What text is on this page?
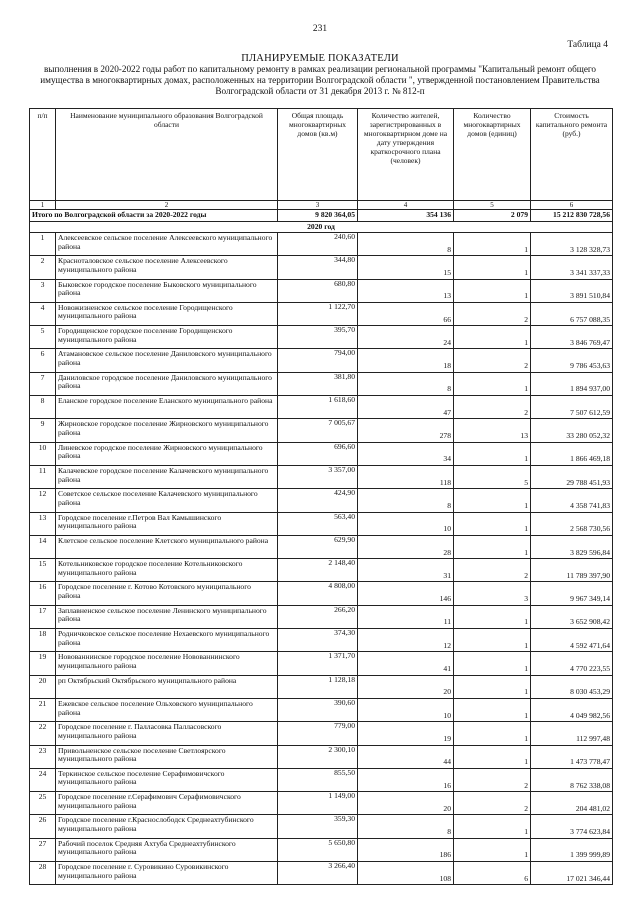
231
Таблица 4
ПЛАНИРУЕМЫЕ ПОКАЗАТЕЛИ
выполнения в 2020-2022 годы работ по капитальному ремонту в рамках реализации региональной программы "Капитальный ремонт общего имущества в многоквартирных домах, расположенных на территории Волгоградской области ", утвержденной постановлением Правительства Волгоградской области от 31 декабря 2013 г. № 812-п
п/п	Наименование муниципального образования Волгоградской области	Общая площадь многоквартирных домов (кв.м)	Количество жителей, зарегистрированных в многоквартирном доме на дату утверждения краткосрочного плана (человек)	Количество многоквартирных домов (единиц)	Стоимость капитального ремонта (руб.)
1	2	3	4	5	6
Итого по Волгоградской области за 2020-2022 годы		9 820 364,05	354 136	2 079	15 212 830 728,56
2020 год					
1	Алексеевское сельское поселение Алексеевского муниципального района	240,60	8	1	3 128 328,73
2	Красноталовское сельское поселение Алексеевского муниципального района	344,80	15	1	3 341 337,33
3	Быковское городское поселение Быковского муниципального района	680,80	13	1	3 891 510,84
4	Новожизненское сельское поселение Городищенского муниципального района	1 122,70	66	2	6 757 088,35
5	Городищенское городское поселение Городищенского муниципального района	395,70	24	1	3 846 769,47
6	Атамановское сельское поселение Даниловского муниципального района	794,00	18	2	9 786 453,63
7	Даниловское городское поселение Даниловского муниципального района	381,80	8	1	1 894 937,00
8	Еланское городское поселение Еланского муниципального района	1 618,60	47	2	7 507 612,59
9	Жирновское городское поселение Жирновского муниципального района	7 005,67	278	13	33 280 052,32
10	Линевское городское поселение Жирновского муниципального района	696,60	34	1	1 866 469,18
11	Калачевское городское поселение Калачевского муниципального района	3 357,00	118	5	29 788 451,93
12	Советское сельское поселение Калачевского муниципального района	424,90	8	1	4 358 741,83
13	Городское поселение г.Петров Вал Камышинского муниципального района	563,40	10	1	2 568 730,56
14	Клетское сельское поселение Клетского муниципального района	629,90	28	1	3 829 596,84
15	Котельниковское городское поселение Котельниковского муниципального района	2 148,40	31	2	11 789 397,90
16	Городское поселение г. Котово Котовского муниципального района	4 808,00	146	3	9 967 349,14
17	Заплавненское сельское поселение Ленинского муниципального района	266,20	11	1	3 652 908,42
18	Родничковское сельское поселение Нехаевского муниципального района	374,30	12	1	4 592 471,64
19	Новованнинское городское поселение Новованнинского муниципального района	1 371,70	41	1	4 770 223,55
20	рп Октябрьский Октябрьского муниципального района	1 128,18	20	1	8 030 453,29
21	Ежевское сельское поселение Ольховского муниципального района	390,60	10	1	4 049 982,56
22	Городское поселение г. Палласовка Палласовского муниципального района	779,00	19	1	112 997,48
23	Привольненское сельское поселение Светлоярского муниципального района	2 300,10	44	1	1 473 778,47
24	Теркинское сельское поселение Серафимовичского муниципального района	855,50	16	2	8 762 338,08
25	Городское поселение г.Серафимович Серафимовичского муниципального района	1 149,00	20	2	204 481,02
26	Городское поселение г.Краснослободск Среднеахтубинского муниципального района	359,30	8	1	3 774 623,84
27	Рабочий поселок Средняя Ахтуба Среднеахтубинского муниципального района	5 650,80	186	1	1 399 999,89
28	Городское поселение г. Суровикино Суровикинского муниципального района	3 266,40	108	6	17 021 346,44
